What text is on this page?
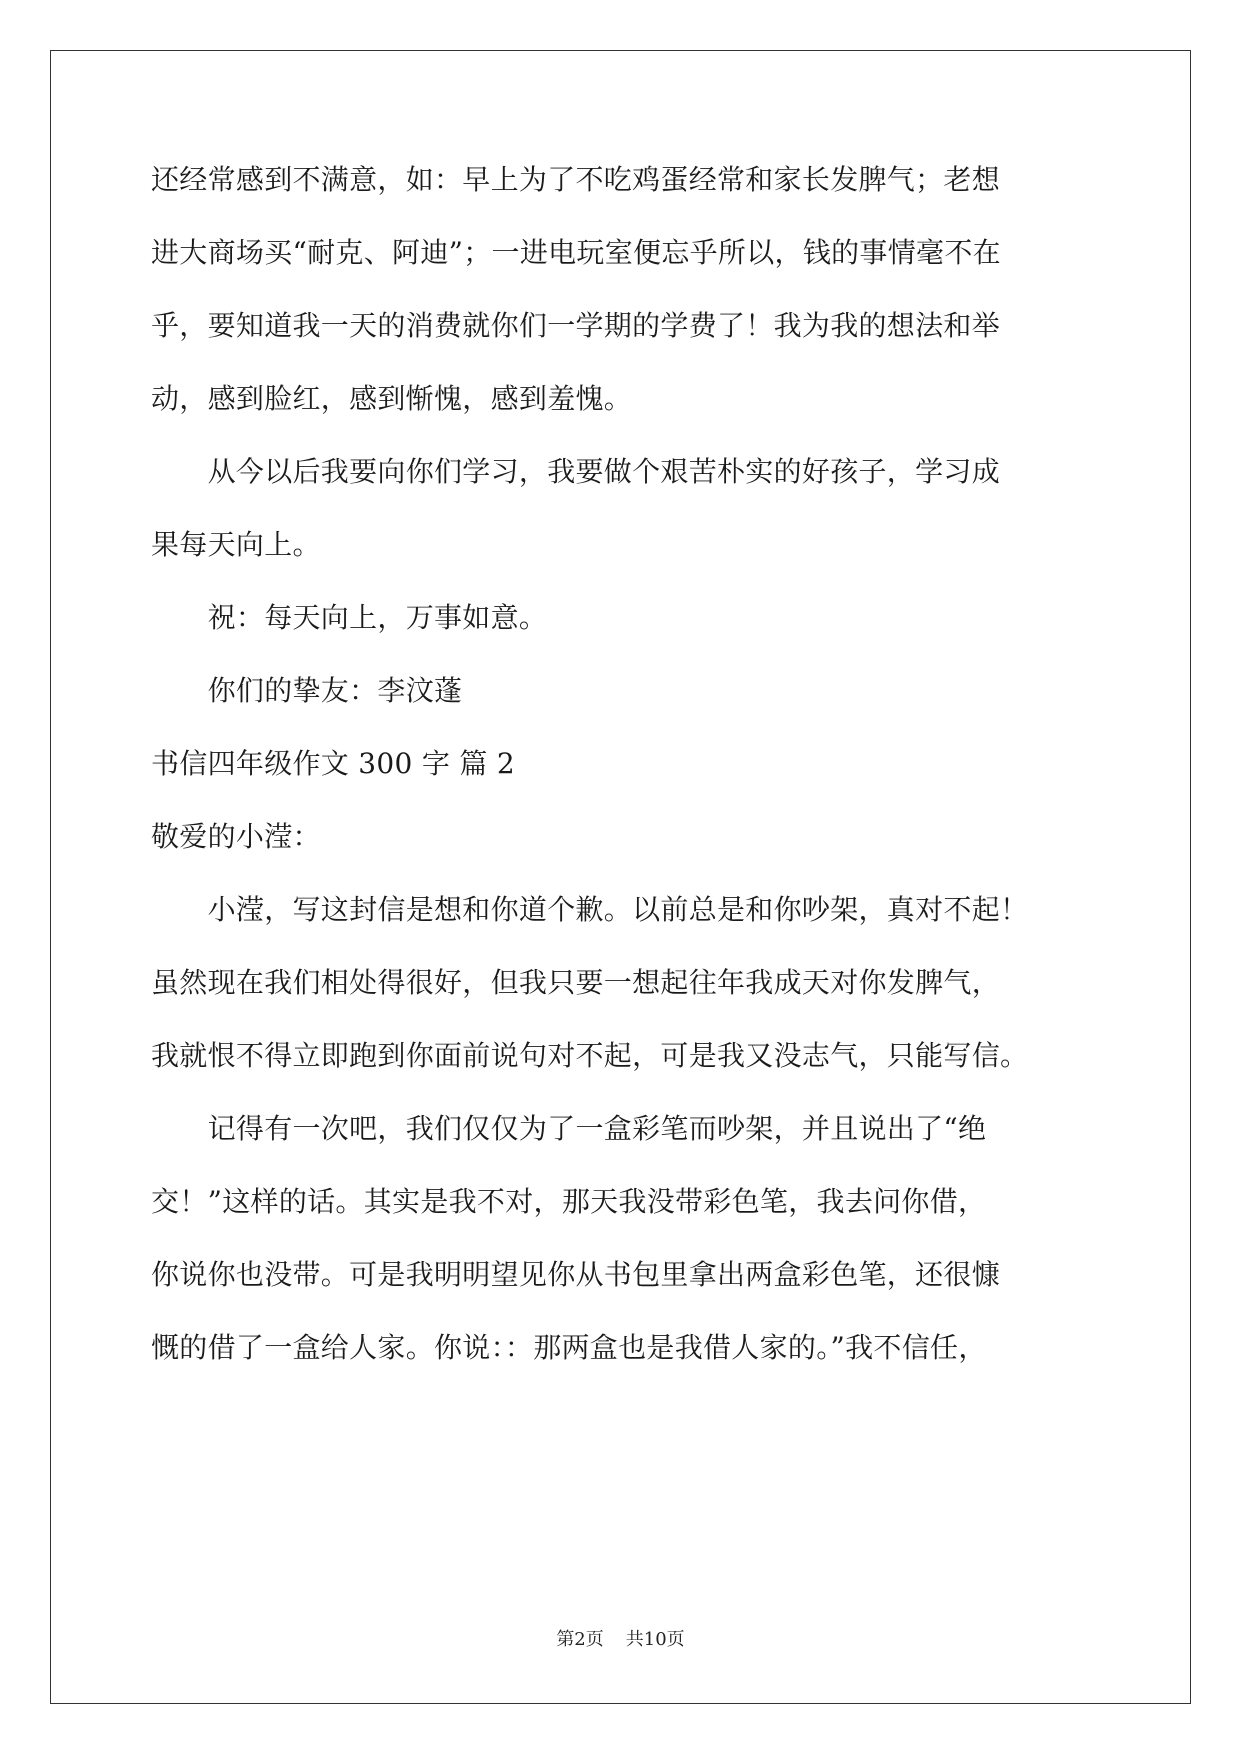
还经常感到不满意，如：早上为了不吃鸡蛋经常和家长发脾气；老想
进大商场买“耐克、阿迪”；一进电玩室便忘乎所以，钱的事情毫不在
乎，要知道我一天的消费就你们一学期的学费了！我为我的想法和举
动，感到脸红，感到惭愧，感到羞愧。
　　从今以后我要向你们学习，我要做个艰苦朴实的好孩子，学习成
果每天向上。
　　祝：每天向上，万事如意。
　　你们的挚友：李汶蓬
书信四年级作文 300 字 篇 2
敬爱的小滢：
　　小滢，写这封信是想和你道个歉。以前总是和你吵架，真对不起！
虽然现在我们相处得很好，但我只要一想起往年我成天对你发脾气，
我就恨不得立即跑到你面前说句对不起，可是我又没志气，只能写信。
　　记得有一次吧，我们仅仅为了一盒彩笔而吵架，并且说出了“绝
交！”这样的话。其实是我不对，那天我没带彩色笔，我去问你借，
你说你也没带。可是我明明望见你从书包里拿出两盒彩色笔，还很慷
慨的借了一盒给人家。你说：：那两盒也是我借人家的。”我不信任，
第2页 共10页
